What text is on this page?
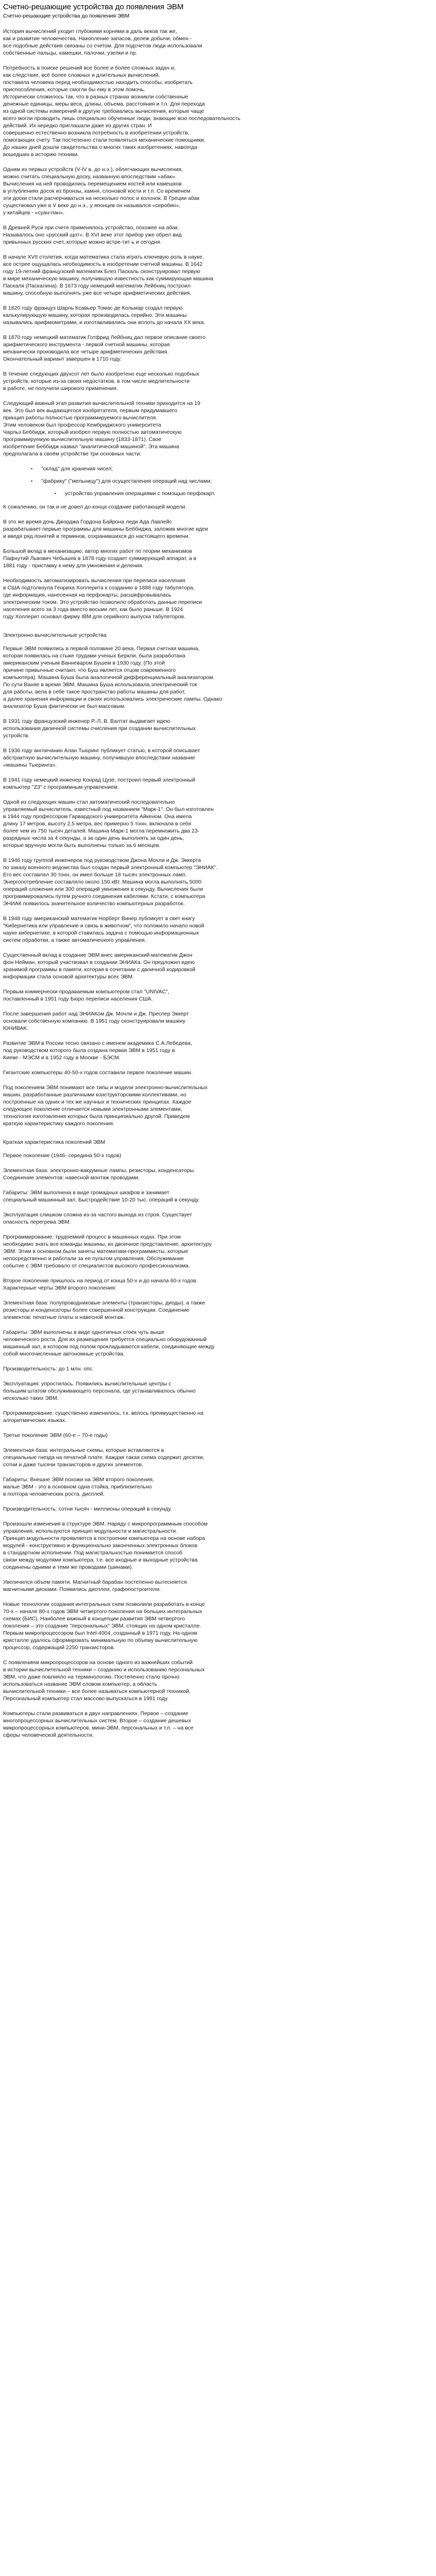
Счетно-решающие устройства до появления ЭВМ
Счетно-решающие устройства до появления ЭВМ

История вычислений уходит глубокими корнями в даль веков так же,
как и развитие человечества. Накопление запасов, дележ добычи, обмен -
все подобные действия связаны со счетом. Для подсчетов люди использовали
собственные пальцы, камешки, палочки, узелки и пр.

Потребность в поиске решений все более и более сложных задач и,
как следствие, всё более сложных и длительных вычислений,
поставила человека перед необходимостью находить способы, изобретать
приспособления, которые смогли бы ему в этом помочь.
Исторически сложилось так, что в разных странах возникли собственные
денежные единицы, меры веса, длины, объема, расстояния и т.п. Для перехода
из одной системы измерений в другую требовались вычисления, которые чаще
всего могли проводить лишь специально обученные люди, знающие всю последовательность
действий. Их нередко приглашали даже из других стран. И
совершенно естественно возникла потребность в изобретении устройств,
помогающих счету. Так постепенно стали появляться механические помощники.
До наших дней дошли свидетельства о многих таких изобретениях, навсегда
вошедших в историю техники.

Одним из первых устройств (V-IV в. до н.э.), облегчающих вычисления,
можно считать специальную доску, названную впоследствии «абак».
Вычисления на ней проводились перемещением костей или камешков
в углублениях досок из бронзы, камня, слоновой кости и т.п. Со временем
эти доски стали расчерчиваться на несколько полос и колонок. В Греции абак
существовал уже в V веке до н.э., у японцев он назывался «серобян»,
у китайцев - «суан-пан».

В Древней Руси при счете применялось устройство, похожее на абак.
Называлось оно «русский щот». В XVI веке этот прибор уже обрел вид
привычных русских счет, которые можно встре-тит ь и сегодня.

В начале XVII столетия, когда математика стала играть ключевую роль в науке,
все острее ощущалась необходимость в изобретении счетной машины. В 1642
году 19-летний французский математик Блез Паскаль сконструировал первую
в мире механическую машину, получившую известность как суммирующая машина
Паскаля (Паскалина). В 1673 году немецкий математик Лейбниц построил
машину, способную выполнять уже все четыре арифметических действия.

В 1820 году француз Шарль Ксавьер Томас де Кольмар создал первую
калькулирующую машину, которая производилась серийно. Эти машины
назывались арифмометрами, и изготавливались они вплоть до начала XX века.

В 1870 году немецкий математик Готфрид Лейбниц дал первое описание своего
арифметического инструмента - первой счетной машины, которая
механически производила все четыре арифметических действия.
Окончательный вариант завершен в 1710 году.

В течение следующих двухсот лет было изобретено еще несколько подобных
устройств, которые из-за своих недостатков, в том числе медлительности
в работе, не получили широкого применения.

Следующий важный этап развития вычислительной техники приходится на 19
век. Это был век выдающегося изобретателя, первым придумавшего
принцип работы полностью программируемого вычислителя.
Этим человеком был профессор Кембриджского университета
Чарльз Беббидж, который изобрел первую полностью автоматическую
программируемую вычислительную машину (1833-1871). Свое
изобретение Беббидж назвал "аналитической машиной". Эта машина
предполагала в своём устройстве три основных части:

• "склад" для хранения чисел;
• "фабрику" ("мельницу") для осуществления операций над числами;
• устройство управления операциями с помощью перфокарт.

К сожалению, он так и не довел до конца создание работающей модели.

В это же время дочь Джорджа Гордона Байрона леди Ада Лавлейс
разрабатывает первые программы для машины Беббиджа, заложив многие идеи
и введя ряд понятий и терминов, сохранившихся до настоящего времени.

Большой вклад в механизацию, автор многих работ по теории механизмов
Пафнутий Львович Чебышев в 1878 году создает суммирующий аппарат, а в
1881 году - приставку к нему для умножения и деления.

Необходимость автоматизировать вычисления при переписи населения
в США подтолкнула Генриха Холлерита к созданию в 1888 году табулятора,
где информация, нанесенная на перфокарты, расшифровывалась
электрическим током. Это устройство позволило обработать данные переписи
населения всего за 3 года вместо восьми лет, как было раньше. В 1924
году Холлерит основал фирму IBM для серийного выпуска табуляторов.

Электронно-вычислительные устройства

Первые ЭВМ появились в первой половине 20 века. Первая счетная машина,
которая появилась на стыке трудами ученых Беркли, была разработана
американским ученым Ванневаром Бушем в 1930 году. (По этой
причине привычные считают, что Буш является отцом современного
компьютера). Машина Буша была аналогичной дифференциальный анализатором.
По сути Ваняе в время ЭВМ. Машина Буша использовала электрический ток
для работы, вела в себе такое пространство работы машины для работ,
а далее хранения информации и своих использовались электрические лампы. Однако
анализатор Буша фактически не был массовым.

В 1931 году французский инженер Р.-Л. В. Валтат выдвигает идею
использования двоичной системы счисления при создании вычислительных
устройств.

В 1936 году англичанин Алан Тьюринг публикует статью, в которой описывает
абстрактную вычислительную машину, получившую впоследствии название
«машины Тьюринга».

В 1941 году немецкий инженер Конрад Цузе, построил первый электронный
компьютер "Z3" с программным управлением.

Одной из следующих машин стал автоматический последовательно
управляемый вычислитель, известный под названием "Марк-1". Он был изготовлен
в 1944 году профессором Гарвардского университета Айкеном. Она имела
длину 17 метров, высоту 2,5 метра, вес примерно 5 тонн, включала в себя
более чем из 750 тысяч деталей. Машина Марк-1 могла перемножить два 23-
разрядных числа за 4 секунды, а за один день выполнять за один день,
которые вручную могли быть выполнены только за 6 месяцев.

В 1946 году группой инженеров под руководством Джона Мочли и Дж. Эккерта
по заказу военного ведомства был создан первый электронный компьютер "ЭНИАК".
Его вес составлял 30 тонн, он имел больше 18 тысяч электронных ламп.
Энергопотребление составляло около 150 кВт. Машина могла выполнять 5000
операций сложения или 300 операций умножения в секунду. Вычисления были
программировались путем ручного соединения кабелями. Кстати, с компьютера
ЭНИАК появилось значительное количество компьютерных разработок.

В 1948 году американский математик Норберт Винер публикует в свет книгу
"Кибернетика или управление и связь в животном", что положило начало новой
науке кибернетике, в которой ставилась задача с помощью информационных
систем обработки, а также автоматического управления.

Существенный вклад в создание ЭВМ внес американский математик Джон
фон Нейман, который участвовал в создании ЭНИАКа. Он предложил идею
хранимой программы в памяти, которая в сочетании с двоичной кодировкой
информации стала основой архитектуры всех ЭВМ.

Первым коммерчески продаваемым компьютером стал "UNIVAC",
поставленный в 1951 году Бюро переписи населения США.

После завершения работ над ЭНИАКом Дж. Мочли и Дж. Преспер Эккерт
основали собственную компанию. В 1951 году сконструировали машину
ЮНИВАК.

Развитие ЭВМ в России тесно связано с именем академика С.А.Лебедева,
под руководством которого была создана первая ЭВМ в 1951 году в
Киеве - МЭСМ и в 1952 году в Москве - БЭСМ.

Гигантские компьютеры 40-50-х годов составили первое поколение машин.

Под поколением ЭВМ понимают все типы и модели электронно-вычислительных
машин, разработанные различными конструкторскими коллективами, но
построенные на одних и тех же научных и технических принципах. Каждое
следующее поколение отличается новыми электронными элементами,
технология изготовления которых была принципиально другой. Приведем
краткую характеристику каждого поколения.

Краткая характеристика поколений ЭВМ

Первое поколение (1946- середина 50-х годов)

Элементная база: электронно-вакуумные лампы, резисторы, конденсаторы.
Соединение элементов: навесной монтаж проводами.

Габариты: ЭВМ выполнена в виде громадных шкафов и занимает
специальный машинный зал. Быстродействие 10-20 тыс. операций в секунду.

Эксплуатация слишком сложна из-за частого выхода из строя. Существует
опасность перегрева ЭВМ.

Программирование: трудоемкий процесс в машинных кодах. При этом
необходимо знать все команды машины, их двоичное представление, архитектуру
ЭВМ. Этим в основном были заняты математики-программисты, которые
непосредственно и работали за ее пультом управления. Обслуживание
событие с ЭВМ требовало от специалистов высокого профессионализма.

Второе поколение пришлось на период от конца 50-х и до начала 60-х годов.
Характерные черты ЭВМ второго поколения:

Элементная база: полупроводниковые элементы (транзисторы, диоды), а также
резисторы и конденсаторы более совершенной конструкции. Соединение
элементов: печатные платы и навесной монтаж.

Габариты: ЭВМ выполнены в виде однотипных стоек чуть выше
человеческого роста. Для их размещения требуется специально оборудованный
машинный зал, в котором под полом прокладываются кабели, соединяющие между
собой многочисленные автономные устройства.

Производительность: до 1 млн. опс.

Эксплуатация: упростилась. Появились вычислительные центры с
большим штатом обслуживающего персонала, где устанавливалось обычно
несколько таких ЭВМ.

Программирование: существенно изменилось, т.к. велось преимущественно на
алгоритмических языках.

Третье поколение ЭВМ (60-е – 70-е годы)

Элементная база: интегральные схемы, которые вставляются в
специальные гнезда на печатной плате. Каждая такая схема содержит десятки,
сотни и даже тысячи транзисторов и других элементов.

Габариты: Внешне ЭВМ похожи на ЭВМ второго поколения,
малые ЭВМ - это в основном одна стойка, приблизительно
в полтора человеческих роста, дисплей.

Производительность: сотни тысяч - миллионы операций в секунду.

Произошли изменения в структуре ЭВМ. Наряду с микропрограммным способом
управления, используются принцип модульности и магистральности.
Принцип модульности проявляется в построении компьютера на основе набора
модулей - конструктивно и функционально законченных электронных блоков
в стандартном исполнении. Под магистральностью понимается способ
связи между модулями компьютера, т.е. все входные и выходные устройства
соединены одними и теми же проводами (шинами).

Увеличился объем памяти. Магнитный барабан постепенно вытесняется
магнитными дисками. Появились дисплеи, графопостроители.

Новые технологии создания интегральных схем позволили разработать в конце
70-х – начале 80-х годов ЭВМ четвертого поколения на больших интегральных
схемах (БИС). Наиболее важный в концепции развития ЭВМ четвертого
поколения – это создание "персональных" ЭВМ, стоящих на одном кристалле.
Первым микропроцессором был Intel-4004, созданный в 1971 году. На одном
кристалле удалось сформировать минимальную по объему вычислительную
процессор, содержащий 2250 транзисторов.

С появлением микропроцессоров на основе одного из важнейших событий
в истории вычислительной техники – созданию и использованию персональных
ЭВМ, что даже повлияло на терминологию. Постепенно стало прочно
использоваться название ЭВМ словом компьютер, а область
вычислительной техники – все более называться компьютерной техникой.
Персональный компьютер стал массово выпускаться в 1981 году.

Компьютеры стали развиваться в двух направлениях. Первое – создание
многопроцессорных вычислительных систем. Второе – создание дешевых
микропроцессорных компьютеров, мини-ЭВМ, персональных и т.п. – на все
сферы человеческой деятельности.
